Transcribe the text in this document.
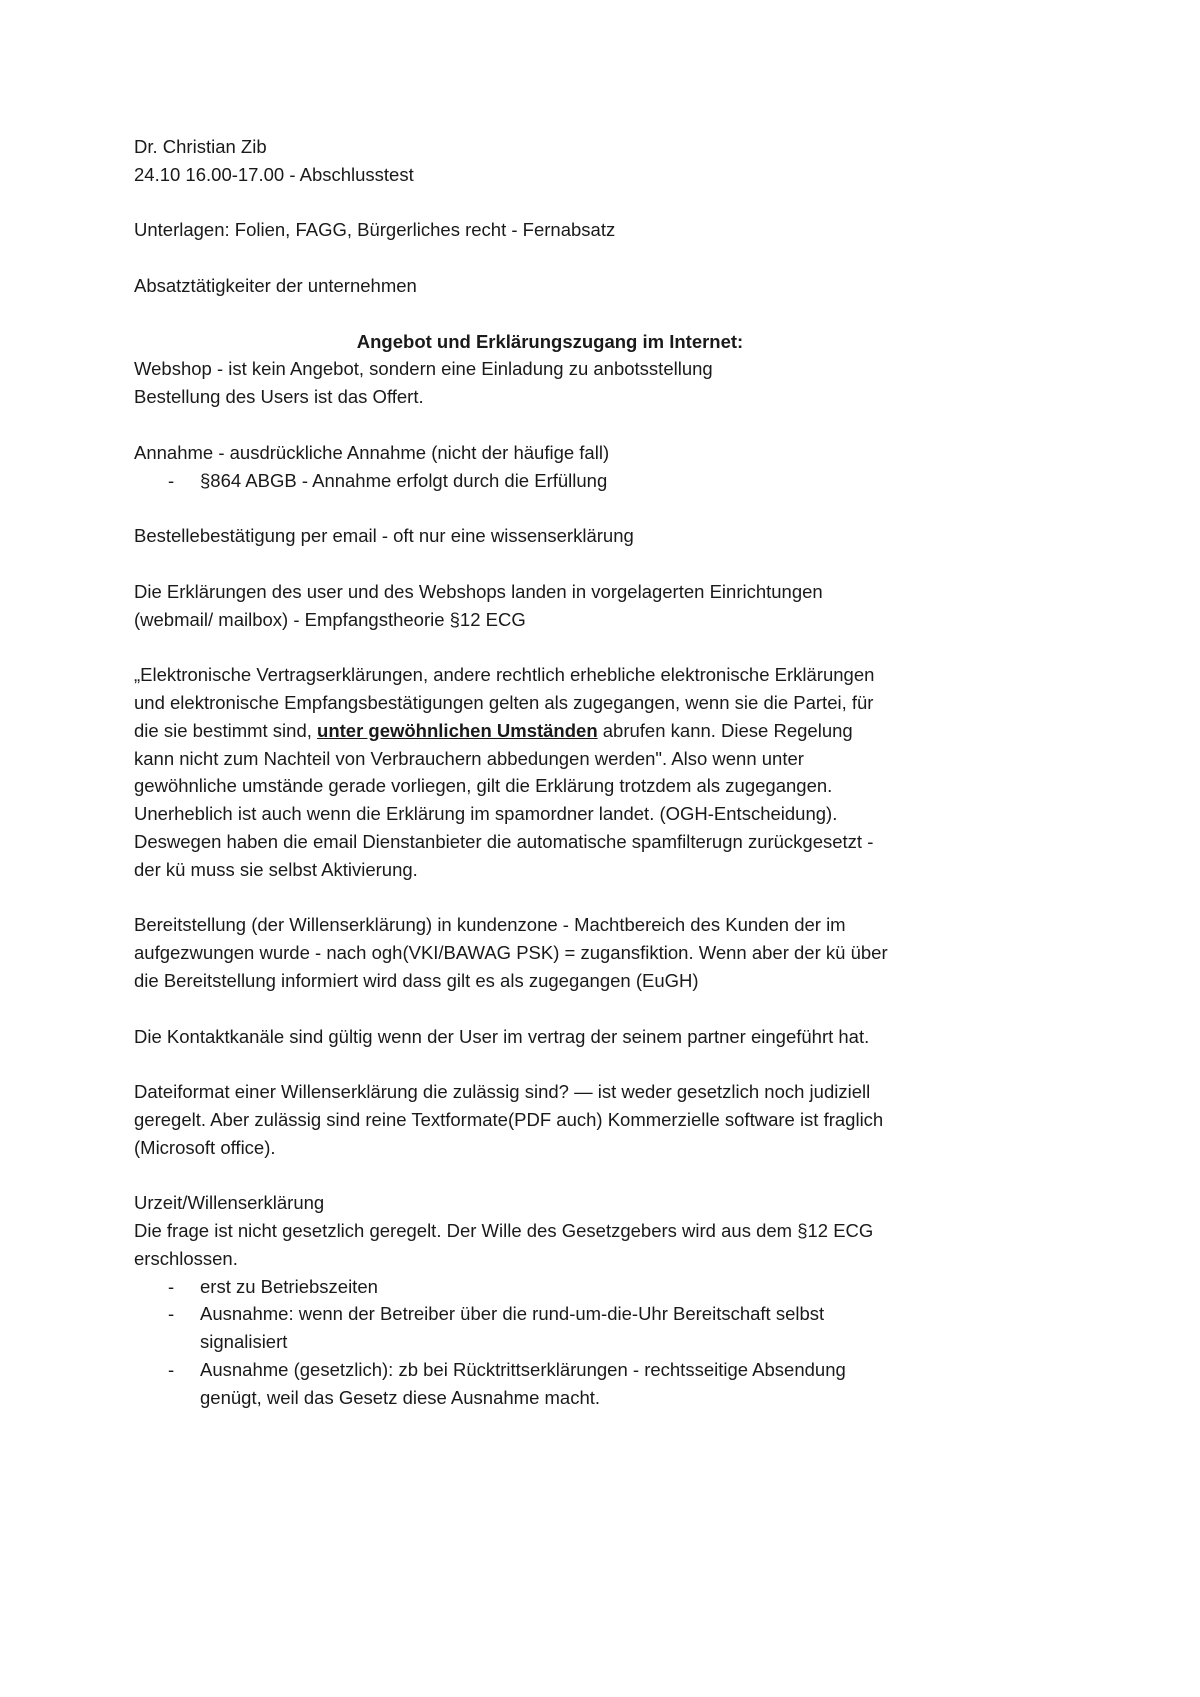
Dr. Christian Zib
24.10 16.00-17.00 - Abschlusstest
Unterlagen: Folien, FAGG, Bürgerliches recht - Fernabsatz
Absatztätigkeiter der unternehmen
Angebot und Erklärungszugang im Internet:
Webshop - ist kein Angebot, sondern eine Einladung zu anbotsstellung
Bestellung des Users ist das Offert.
Annahme - ausdrückliche Annahme (nicht der häufige fall)
- §864 ABGB - Annahme erfolgt durch die Erfüllung
Bestellebestätigung per email - oft nur eine wissenserklärung
Die Erklärungen des user und des Webshops landen in vorgelagerten Einrichtungen
(webmail/ mailbox) - Empfangstheorie §12 ECG
„Elektronische Vertragserklärungen, andere rechtlich erhebliche elektronische Erklärungen
und elektronische Empfangsbestätigungen gelten als zugegangen, wenn sie die Partei, für
die sie bestimmt sind, unter gewöhnlichen Umständen abrufen kann. Diese Regelung
kann nicht zum Nachteil von Verbrauchern abbedungen werden". Also wenn unter
gewöhnliche umstände gerade vorliegen, gilt die Erklärung trotzdem als zugegangen.
Unerheblich ist auch wenn die Erklärung im spamordner landet. (OGH-Entscheidung).
Deswegen haben die email Dienstanbieter die automatische spamfilterugn zurückgesetzt -
der kü muss sie selbst Aktivierung.
Bereitstellung (der Willenserklärung) in kundenzone - Machtbereich des Kunden der im
aufgezwungen wurde - nach ogh(VKI/BAWAG PSK) = zugansfiktion. Wenn aber der kü über
die Bereitstellung informiert wird dass gilt es als zugegangen (EuGH)
Die Kontaktkanäle sind gültig wenn der User im vertrag der seinem partner eingeführt hat.
Dateiformat einer Willenserklärung die zulässig sind? — ist weder gesetzlich noch judiziell
geregelt. Aber zulässig sind reine Textformate(PDF auch) Kommerzielle software ist fraglich
(Microsoft office).
Urzeit/Willenserklärung
Die frage ist nicht gesetzlich geregelt. Der Wille des Gesetzgebers wird aus dem §12 ECG
erschlossen.
- erst zu Betriebszeiten
- Ausnahme: wenn der Betreiber über die rund-um-die-Uhr Bereitschaft selbst
signalisiert
- Ausnahme (gesetzlich): zb bei Rücktrittserklärungen - rechtsseitige Absendung
genügt, weil das Gesetz diese Ausnahme macht.
